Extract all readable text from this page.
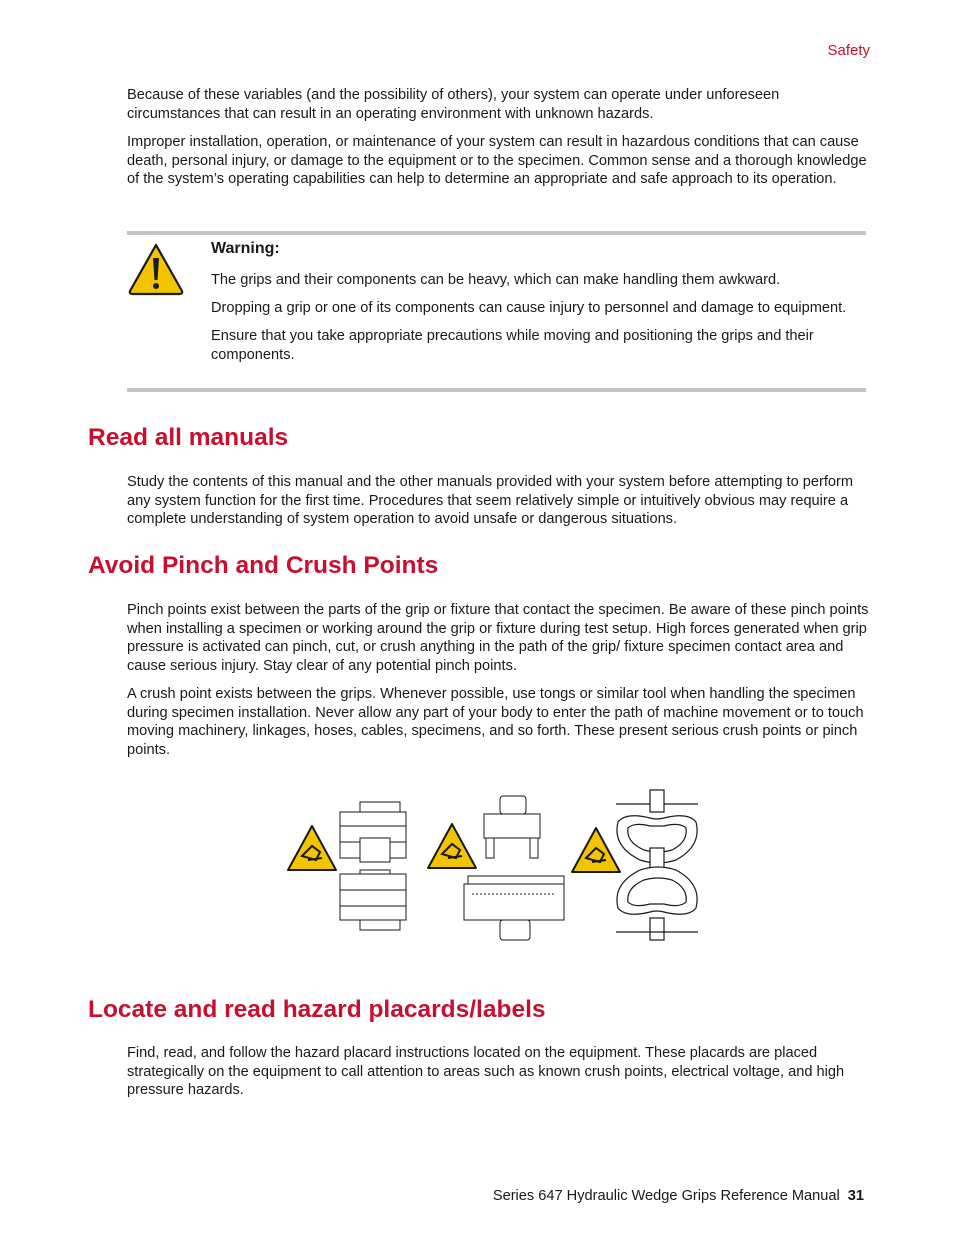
Safety

Because of these variables (and the possibility of others), your system can operate under unforeseen circumstances that can result in an operating environment with unknown hazards.

Improper installation, operation, or maintenance of your system can result in hazardous conditions that can cause death, personal injury, or damage to the equipment or to the specimen. Common sense and a thorough knowledge of the system’s operating capabilities can help to determine an appropriate and safe approach to its operation.

Warning:

The grips and their components can be heavy, which can make handling them awkward.

Dropping a grip or one of its components can cause injury to personnel and damage to equipment.

Ensure that you take appropriate precautions while moving and positioning the grips and their components.

Read all manuals

Study the contents of this manual and the other manuals provided with your system before attempting to perform any system function for the first time. Procedures that seem relatively simple or intuitively obvious may require a complete understanding of system operation to avoid unsafe or dangerous situations.

Avoid Pinch and Crush Points

Pinch points exist between the parts of the grip or fixture that contact the specimen. Be aware of these pinch points when installing a specimen or working around the grip or fixture during test setup. High forces generated when grip pressure is activated can pinch, cut, or crush anything in the path of the grip/ fixture specimen contact area and cause serious injury. Stay clear of any potential pinch points.

A crush point exists between the grips. Whenever possible, use tongs or similar tool when handling the specimen during specimen installation. Never allow any part of your body to enter the path of machine movement or to touch moving machinery, linkages, hoses, cables, specimens, and so forth. These present serious crush points or pinch points.

Locate and read hazard placards/labels

Find, read, and follow the hazard placard instructions located on the equipment. These placards are placed strategically on the equipment to call attention to areas such as known crush points, electrical voltage, and high pressure hazards.

Series 647 Hydraulic Wedge Grips Reference Manual 31
